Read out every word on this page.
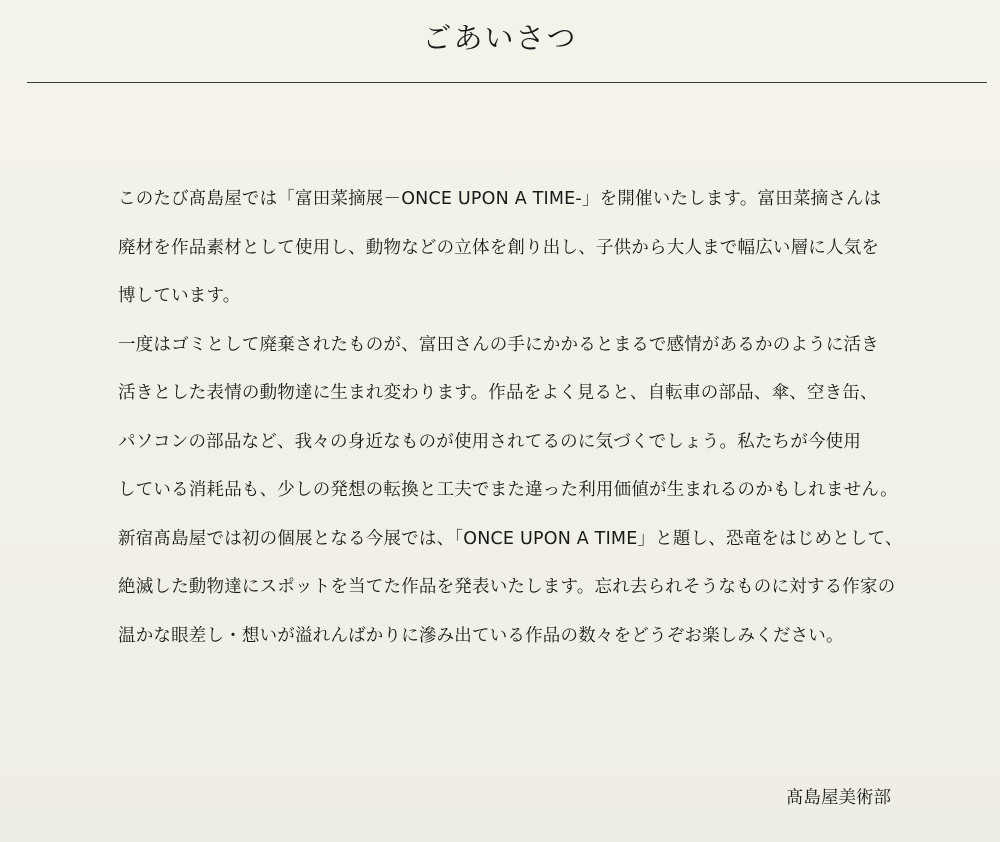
ごあいさつ
このたび髙島屋では「富田菜摘展－ONCE UPON A TIME-」を開催いたします。富田菜摘さんは
廃材を作品素材として使用し、動物などの立体を創り出し、子供から大人まで幅広い層に人気を
博しています。
一度はゴミとして廃棄されたものが、富田さんの手にかかるとまるで感情があるかのように活き
活きとした表情の動物達に生まれ変わります。作品をよく見ると、自転車の部品、傘、空き缶、
パソコンの部品など、我々の身近なものが使用されてるのに気づくでしょう。私たちが今使用
している消耗品も、少しの発想の転換と工夫でまた違った利用価値が生まれるのかもしれません。
新宿髙島屋では初の個展となる今展では、「ONCE UPON A TIME」と題し、恐竜をはじめとして、
絶滅した動物達にスポットを当てた作品を発表いたします。忘れ去られそうなものに対する作家の
温かな眼差し・想いが溢れんばかりに滲み出ている作品の数々をどうぞお楽しみください。
髙島屋美術部
